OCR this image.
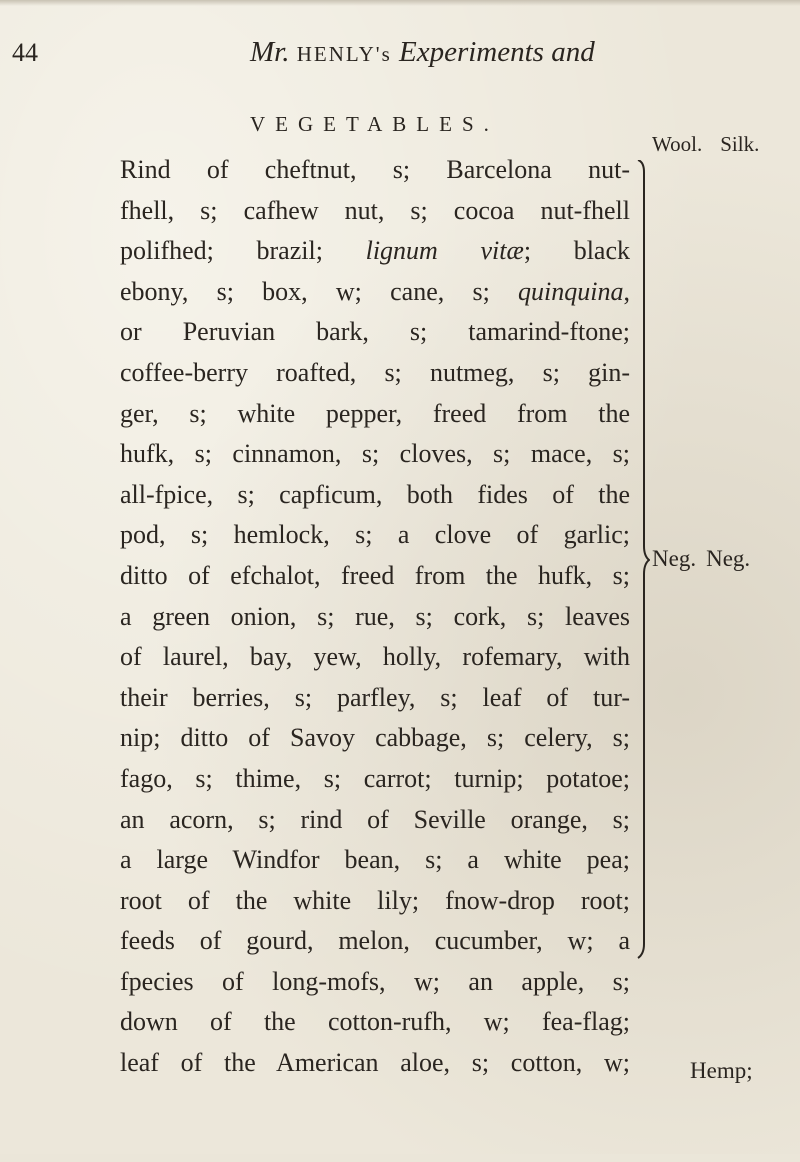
44	Mr. HENLY's Experiments and
VEGETABLES.
Wool. Silk.
Rind of cheftnut, s; Barcelona nut-
fhell, s; cafhew nut, s; cocoa nut-fhell
polifhed; brazil; lignum vitæ; black
ebony, s; box, w; cane, s; quinquina,
or Peruvian bark, s; tamarind-ftone;
coffee-berry roafted, s; nutmeg, s; gin-
ger, s; white pepper, freed from the
hufk, s; cinnamon, s; cloves, s; mace, s;
all-fpice, s; capficum, both fides of the
pod, s; hemlock, s; a clove of garlic;
ditto of efchalot, freed from the hufk, s;
a green onion, s; rue, s; cork, s; leaves
of laurel, bay, yew, holly, rofemary, with
their berries, s; parfley, s; leaf of tur-
nip; ditto of Savoy cabbage, s; celery, s;
fago, s; thime, s; carrot; turnip; potatoe;
an acorn, s; rind of Seville orange, s;
a large Windfor bean, s; a white pea;
root of the white lily; fnow-drop root;
feeds of gourd, melon, cucumber, w; a
fpecies of long-mofs, w; an apple, s;
down of the cotton-rufh, w; fea-flag;
leaf of the American aloe, s; cotton, w;
Neg. Neg.
Hemp;
